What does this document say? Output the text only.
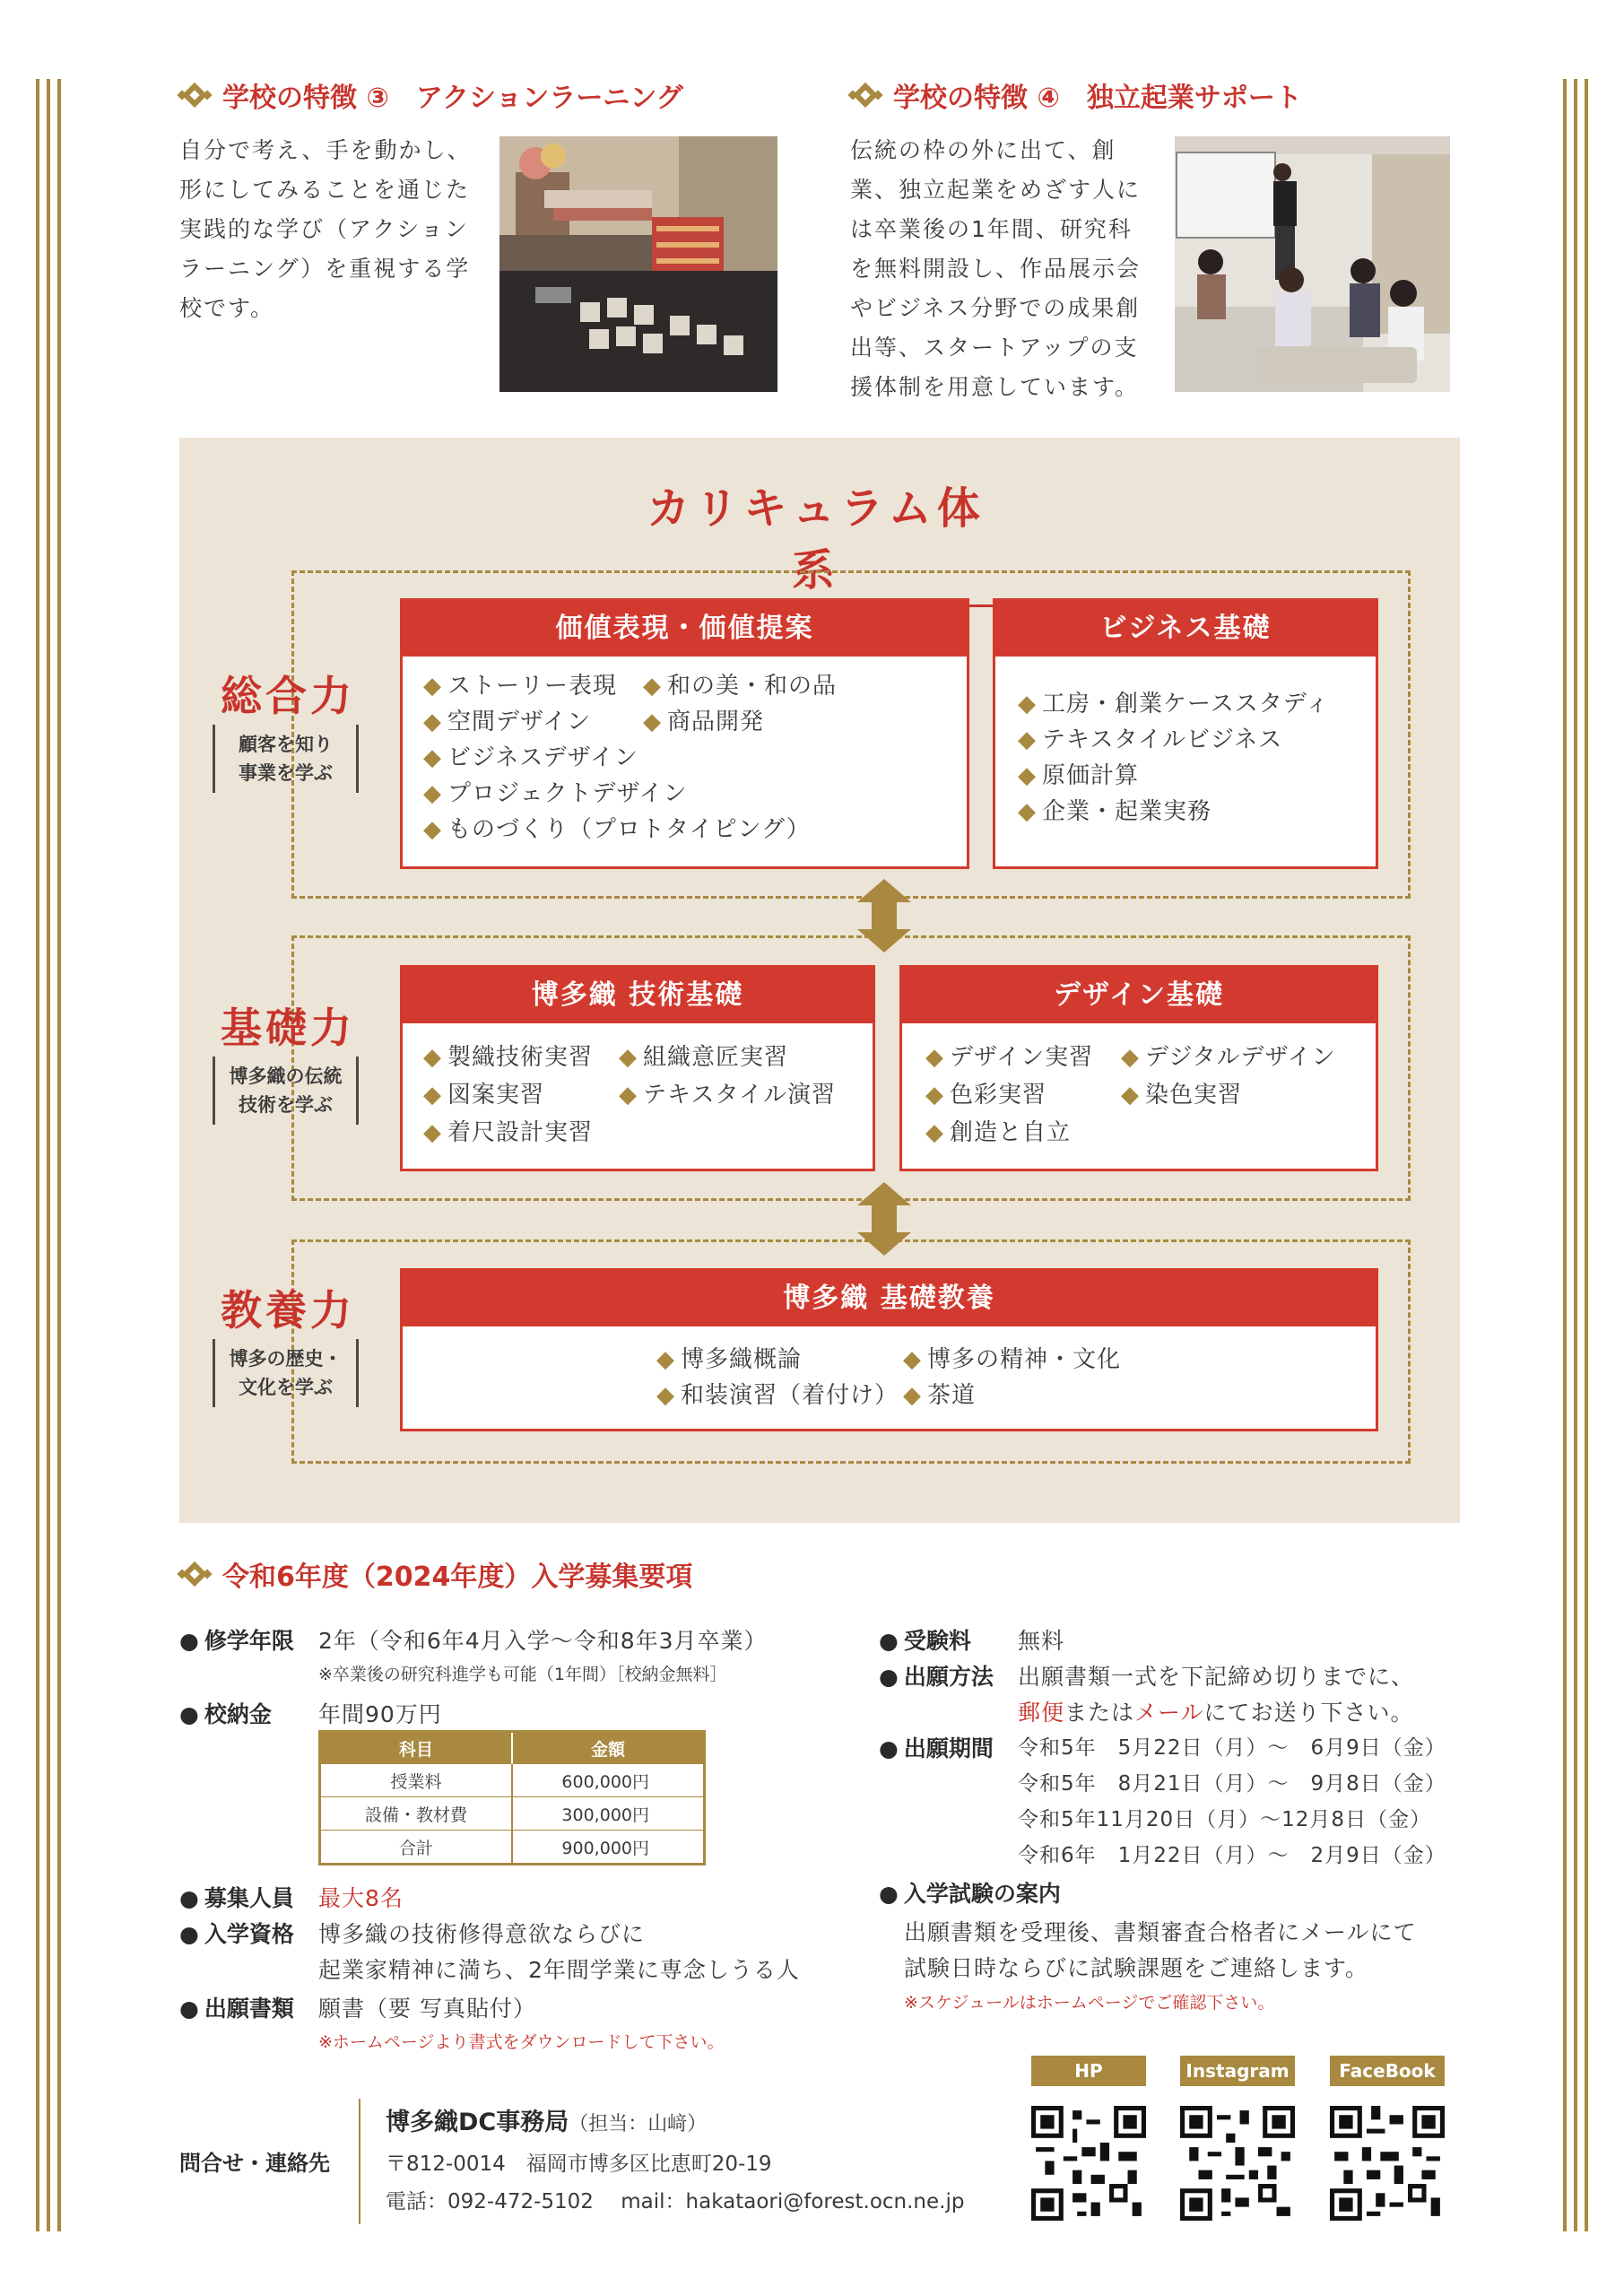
学校の特徴 ③　アクションラーニング
自分で考え、手を動かし、形にしてみることを通じた実践的な学び（アクションラーニング）を重視する学校です。
学校の特徴 ④　独立起業サポート
伝統の枠の外に出て、創業、独立起業をめざす人には卒業後の1年間、研究科を無料開設し、作品展示会やビジネス分野での成果創出等、スタートアップの支援体制を用意しています。
カリキュラム体系
総合力
顧客を知り
事業を学ぶ
価値表現・価値提案
◆ ストーリー表現 ◆ 和の美・和の品
◆ 空間デザイン	◆ 商品開発
◆ ビジネスデザイン
◆ プロジェクトデザイン
◆ ものづくり（プロトタイピング）
ビジネス基礎
◆ 工房・創業ケーススタディ
◆ テキスタイルビジネス
◆ 原価計算
◆ 企業・起業実務
基礎力
博多織の伝統
技術を学ぶ
博多織 技術基礎
◆ 製織技術実習 ◆ 組織意匠実習
◆ 図案実習	◆ テキスタイル演習
◆ 着尺設計実習
デザイン基礎
◆ デザイン実習 ◆ デジタルデザイン
◆ 色彩実習	◆ 染色実習
◆ 創造と自立
教養力
博多の歴史・
文化を学ぶ
博多織 基礎教養
◆ 博多織概論	◆ 博多の精神・文化
◆ 和装演習（着付け） ◆ 茶道
令和6年度（2024年度）入学募集要項
● 修学年限 2年（令和6年4月入学～令和8年3月卒業）
※卒業後の研究科進学も可能（1年間）［校納金無料］
● 校納金 年間90万円
科目	金額
授業料	600,000円
設備・教材費	300,000円
合計	900,000円
● 募集人員 最大8名
● 入学資格 博多織の技術修得意欲ならびに
起業家精神に満ち、2年間学業に専念しうる人
● 出願書類 願書（要 写真貼付）
※ホームページより書式をダウンロードして下さい。
● 受験料 無料
● 出願方法 出願書類一式を下記締め切りまでに、
郵便またはメールにてお送り下さい。
● 出願期間 令和5年　5月22日（月）～　6月9日（金）
令和5年　8月21日（月）～　9月8日（金）
令和5年11月20日（月）～12月8日（金）
令和6年　1月22日（月）～　2月9日（金）
● 入学試験の案内
出願書類を受理後、書類審査合格者にメールにて
試験日時ならびに試験課題をご連絡します。
※スケジュールはホームページでご確認下さい。
問合せ・連絡先
博多織DC事務局（担当：山﨑）
〒812-0014　福岡市博多区比恵町20-19
電話：092-472-5102　 mail：hakataori@forest.ocn.ne.jp
HP	Instagram	FaceBook
